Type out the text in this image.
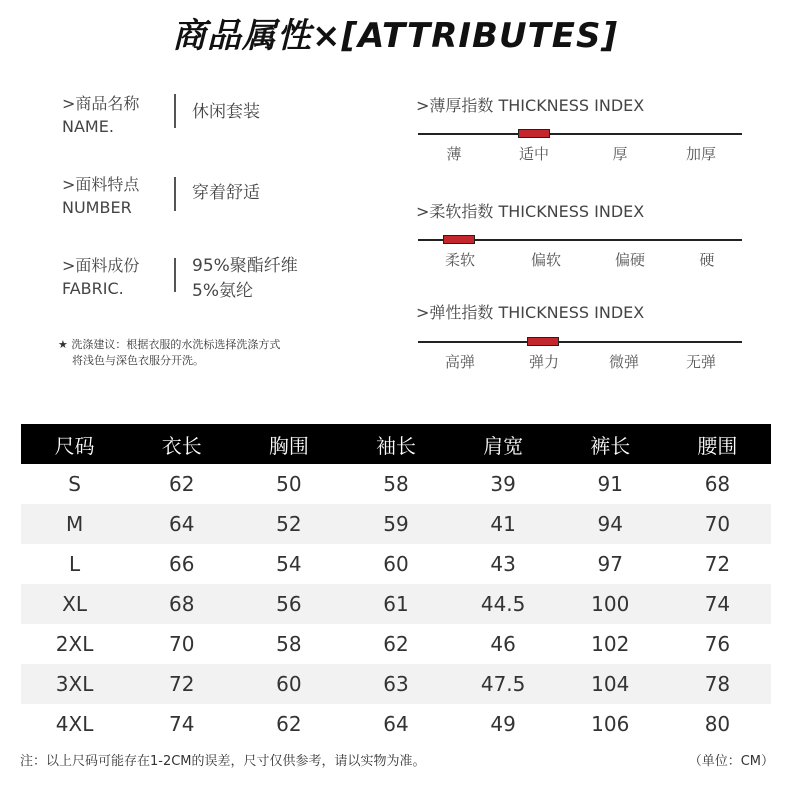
商品属性×[ATTRIBUTES]
>商品名称
NAME.
休闲套装
>面料特点
NUMBER
穿着舒适
>面料成份
FABRIC.
95%聚酯纤维
5%氨纶
★ 洗涤建议：根据衣服的水洗标选择洗涤方式
将浅色与深色衣服分开洗。
>薄厚指数 THICKNESS INDEX
薄	适中	厚	加厚
>柔软指数 THICKNESS INDEX
柔软	偏软	偏硬	硬
>弹性指数 THICKNESS INDEX
高弹	弹力	微弹	无弹
尺码	衣长	胸围	袖长	肩宽	裤长	腰围
S	62	50	58	39	91	68
M	64	52	59	41	94	70
L	66	54	60	43	97	72
XL	68	56	61	44.5	100	74
2XL	70	58	62	46	102	76
3XL	72	60	63	47.5	104	78
4XL	74	62	64	49	106	80
注：以上尺码可能存在1-2CM的误差，尺寸仅供参考，请以实物为准。	（单位：CM）
